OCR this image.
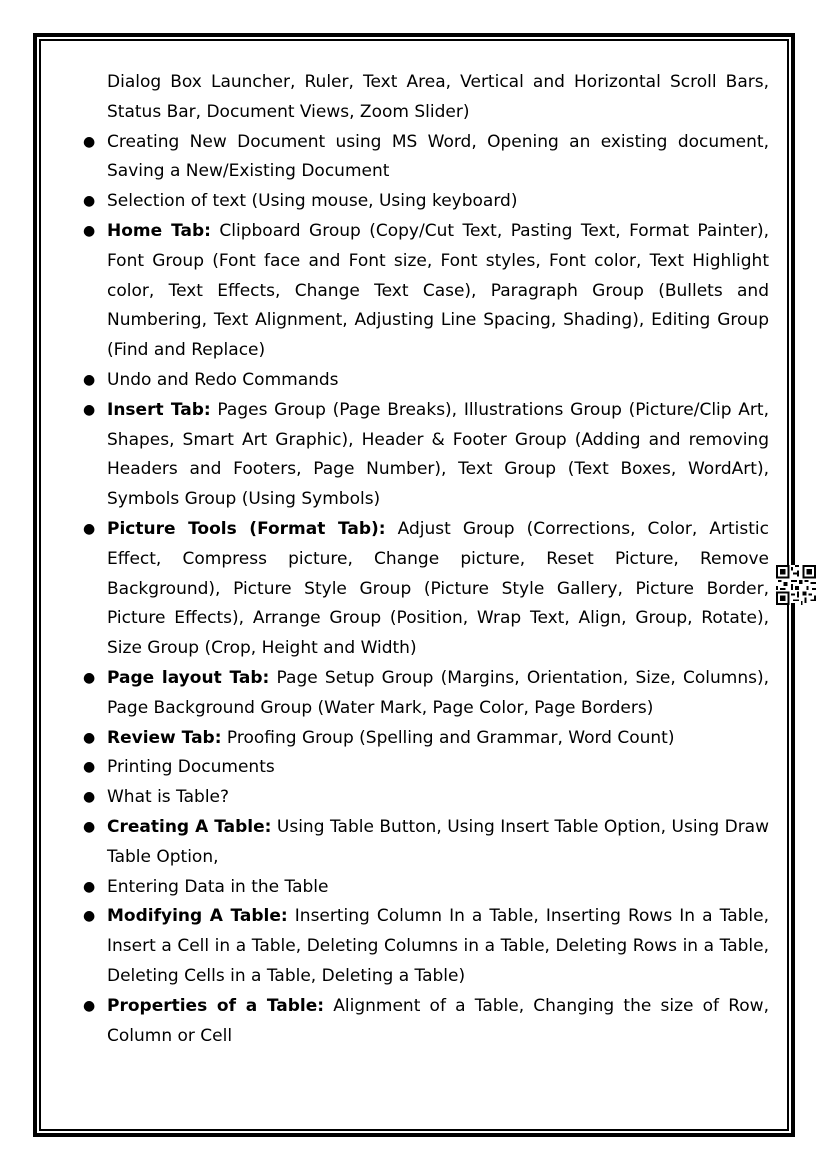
Dialog Box Launcher, Ruler, Text Area, Vertical and Horizontal Scroll Bars, Status Bar, Document Views, Zoom Slider)
● Creating New Document using MS Word, Opening an existing document, Saving a New/Existing Document
● Selection of text (Using mouse, Using keyboard)
● Home Tab: Clipboard Group (Copy/Cut Text, Pasting Text, Format Painter), Font Group (Font face and Font size, Font styles, Font color, Text Highlight color, Text Effects, Change Text Case), Paragraph Group (Bullets and Numbering, Text Alignment, Adjusting Line Spacing, Shading), Editing Group (Find and Replace)
● Undo and Redo Commands
● Insert Tab: Pages Group (Page Breaks), Illustrations Group (Picture/Clip Art, Shapes, Smart Art Graphic), Header & Footer Group (Adding and removing Headers and Footers, Page Number), Text Group (Text Boxes, WordArt), Symbols Group (Using Symbols)
● Picture Tools (Format Tab): Adjust Group (Corrections, Color, Artistic Effect, Compress picture, Change picture, Reset Picture, Remove Background), Picture Style Group (Picture Style Gallery, Picture Border, Picture Effects), Arrange Group (Position, Wrap Text, Align, Group, Rotate), Size Group (Crop, Height and Width)
● Page layout Tab: Page Setup Group (Margins, Orientation, Size, Columns), Page Background Group (Water Mark, Page Color, Page Borders)
● Review Tab: Proofing Group (Spelling and Grammar, Word Count)
● Printing Documents
● What is Table?
● Creating A Table: Using Table Button, Using Insert Table Option, Using Draw Table Option,
● Entering Data in the Table
● Modifying A Table: Inserting Column In a Table, Inserting Rows In a Table, Insert a Cell in a Table, Deleting Columns in a Table, Deleting Rows in a Table, Deleting Cells in a Table, Deleting a Table)
● Properties of a Table: Alignment of a Table, Changing the size of Row, Column or Cell
